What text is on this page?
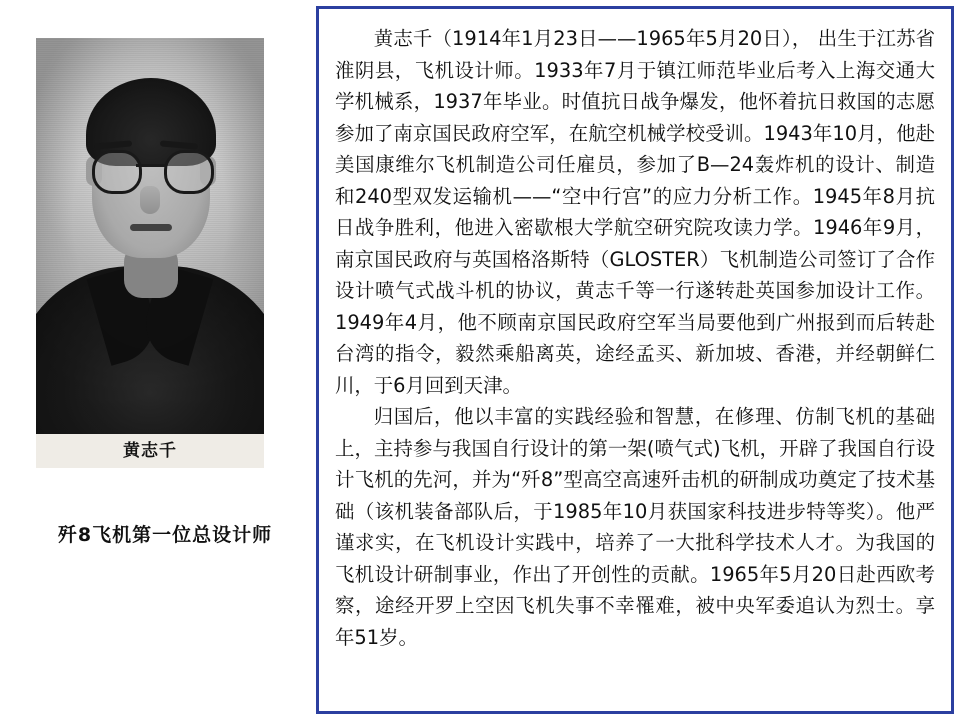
黄志千
歼8飞机第一位总设计师

黄志千（1914年1月23日——1965年5月20日）， 出生于江苏省淮阴县，飞机设计师。1933年7月于镇江师范毕业后考入上海交通大学机械系，1937年毕业。时值抗日战争爆发，他怀着抗日救国的志愿参加了南京国民政府空军，在航空机械学校受训。1943年10月，他赴美国康维尔飞机制造公司任雇员，参加了B—24轰炸机的设计、制造和240型双发运输机——“空中行宫”的应力分析工作。1945年8月抗日战争胜利，他进入密歇根大学航空研究院攻读力学。1946年9月，南京国民政府与英国格洛斯特（GLOSTER）飞机制造公司签订了合作设计喷气式战斗机的协议，黄志千等一行遂转赴英国参加设计工作。1949年4月，他不顾南京国民政府空军当局要他到广州报到而后转赴台湾的指令，毅然乘船离英，途经孟买、新加坡、香港，并经朝鲜仁川，于6月回到天津。

归国后，他以丰富的实践经验和智慧，在修理、仿制飞机的基础上，主持参与我国自行设计的第一架(喷气式)飞机，开辟了我国自行设计飞机的先河，并为“歼8”型高空高速歼击机的研制成功奠定了技术基础（该机装备部队后，于1985年10月获国家科技进步特等奖）。他严谨求实，在飞机设计实践中，培养了一大批科学技术人才。为我国的飞机设计研制事业，作出了开创性的贡献。1965年5月20日赴西欧考察，途经开罗上空因飞机失事不幸罹难，被中央军委追认为烈士。享年51岁。
